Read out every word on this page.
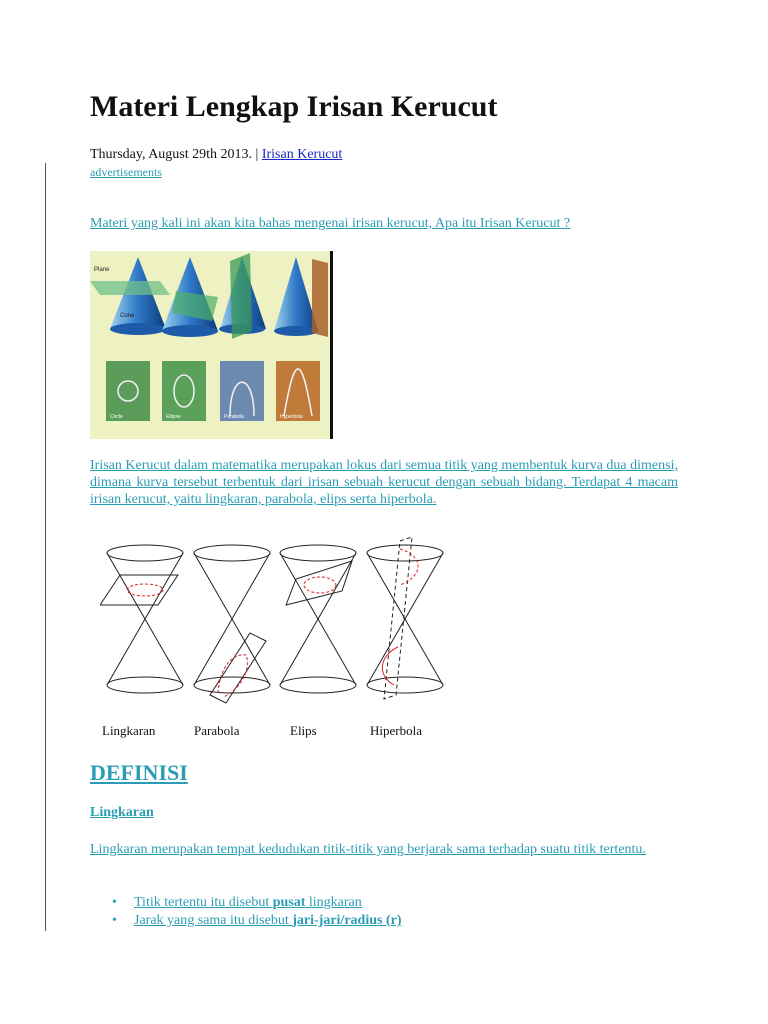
Materi Lengkap Irisan Kerucut
Thursday, August 29th 2013. | Irisan Kerucut
advertisements
Materi yang kali ini akan kita bahas mengenai irisan kerucut, Apa itu Irisan Kerucut ?
Plane
Cone
Circle	Ellipse	Parabola	Hyperbola
Irisan Kerucut dalam matematika merupakan lokus dari semua titik yang membentuk kurva dua dimensi, dimana kurva tersebut terbentuk dari irisan sebuah kerucut dengan sebuah bidang. Terdapat 4 macam irisan kerucut, yaitu lingkaran, parabola, elips serta hiperbola.
Lingkaran	Parabola	Elips	Hiperbola
DEFINISI
Lingkaran
Lingkaran merupakan tempat kedudukan titik-titik yang berjarak sama terhadap suatu titik tertentu.
• Titik tertentu itu disebut pusat lingkaran
• Jarak yang sama itu disebut jari-jari/radius (r)
